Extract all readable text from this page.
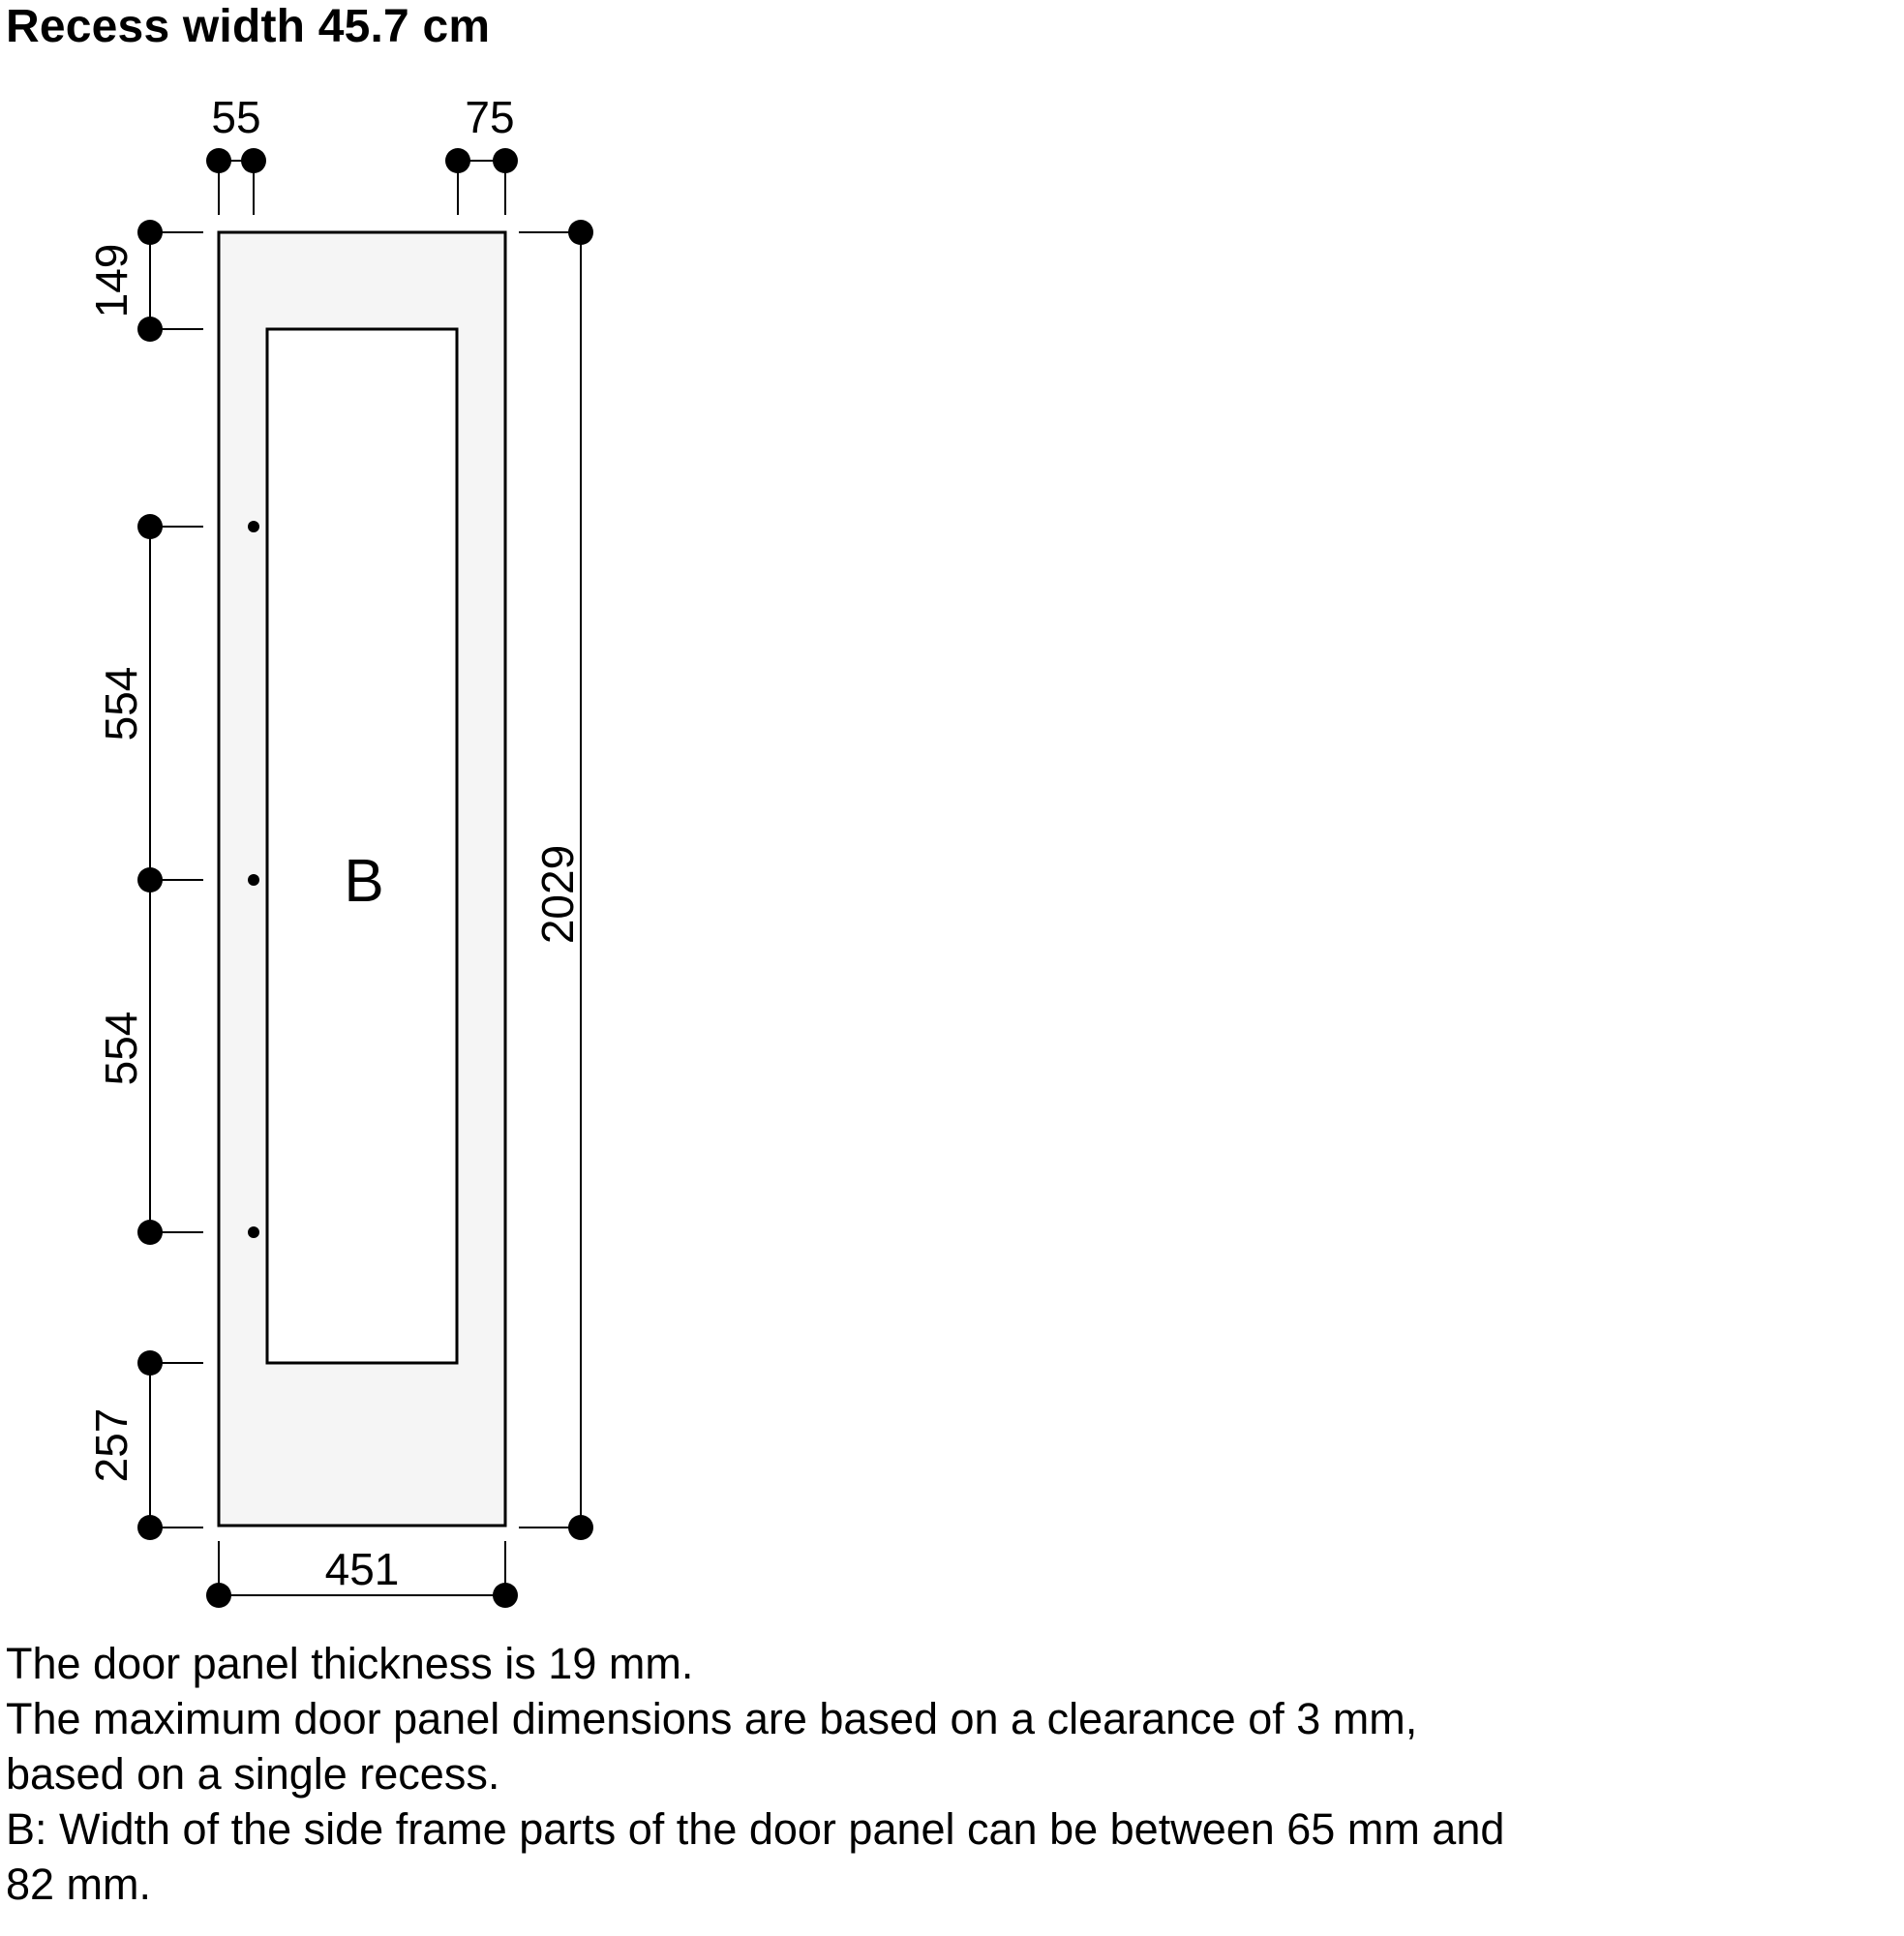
Recess width 45.7 cm
B
55	75
149
554
554
257
2029
451
The door panel thickness is 19 mm.
The maximum door panel dimensions are based on a clearance of 3 mm,
based on a single recess.
B: Width of the side frame parts of the door panel can be between 65 mm and
82 mm.
